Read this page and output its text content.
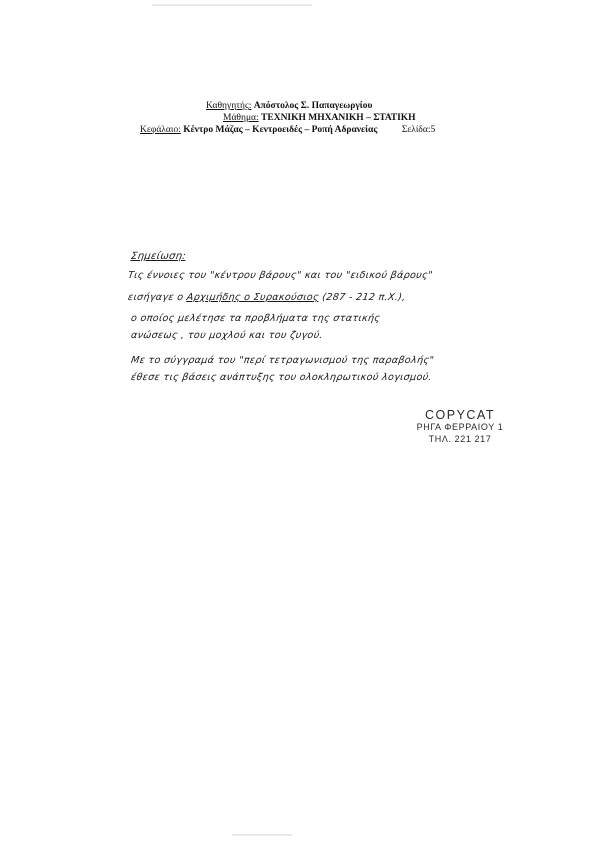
Καθηγητής: Απόστολος Σ. Παπαγεωργίου
Μάθημα: ΤΕΧΝΙΚΗ ΜΗΧΑΝΙΚΗ – ΣΤΑΤΙΚΗ
Κεφάλαιο: Κέντρο Μάζας – Κεντροειδές – Ροπή Αδρανείας	Σελίδα:5
Σημείωση:
Τις έννοιες του "κέντρου βάρους" και του "ειδικού βάρους"
εισήγαγε ο Αρχιμήδης ο Συρακούσιος (287 - 212 π.Χ.),
ο οποίος μελέτησε τα προβλήματα της στατικής
ανώσεως , του μοχλού και του ζυγού.
Με το σύγγραμά του "περί τετραγωνισμού της παραβολής"
έθεσε τις βάσεις ανάπτυξης του ολοκληρωτικού λογισμού.
COPYCAT
ΡΗΓΑ ΦΕΡΡΑΙΟΥ 1
ΤΗΛ. 221 217
